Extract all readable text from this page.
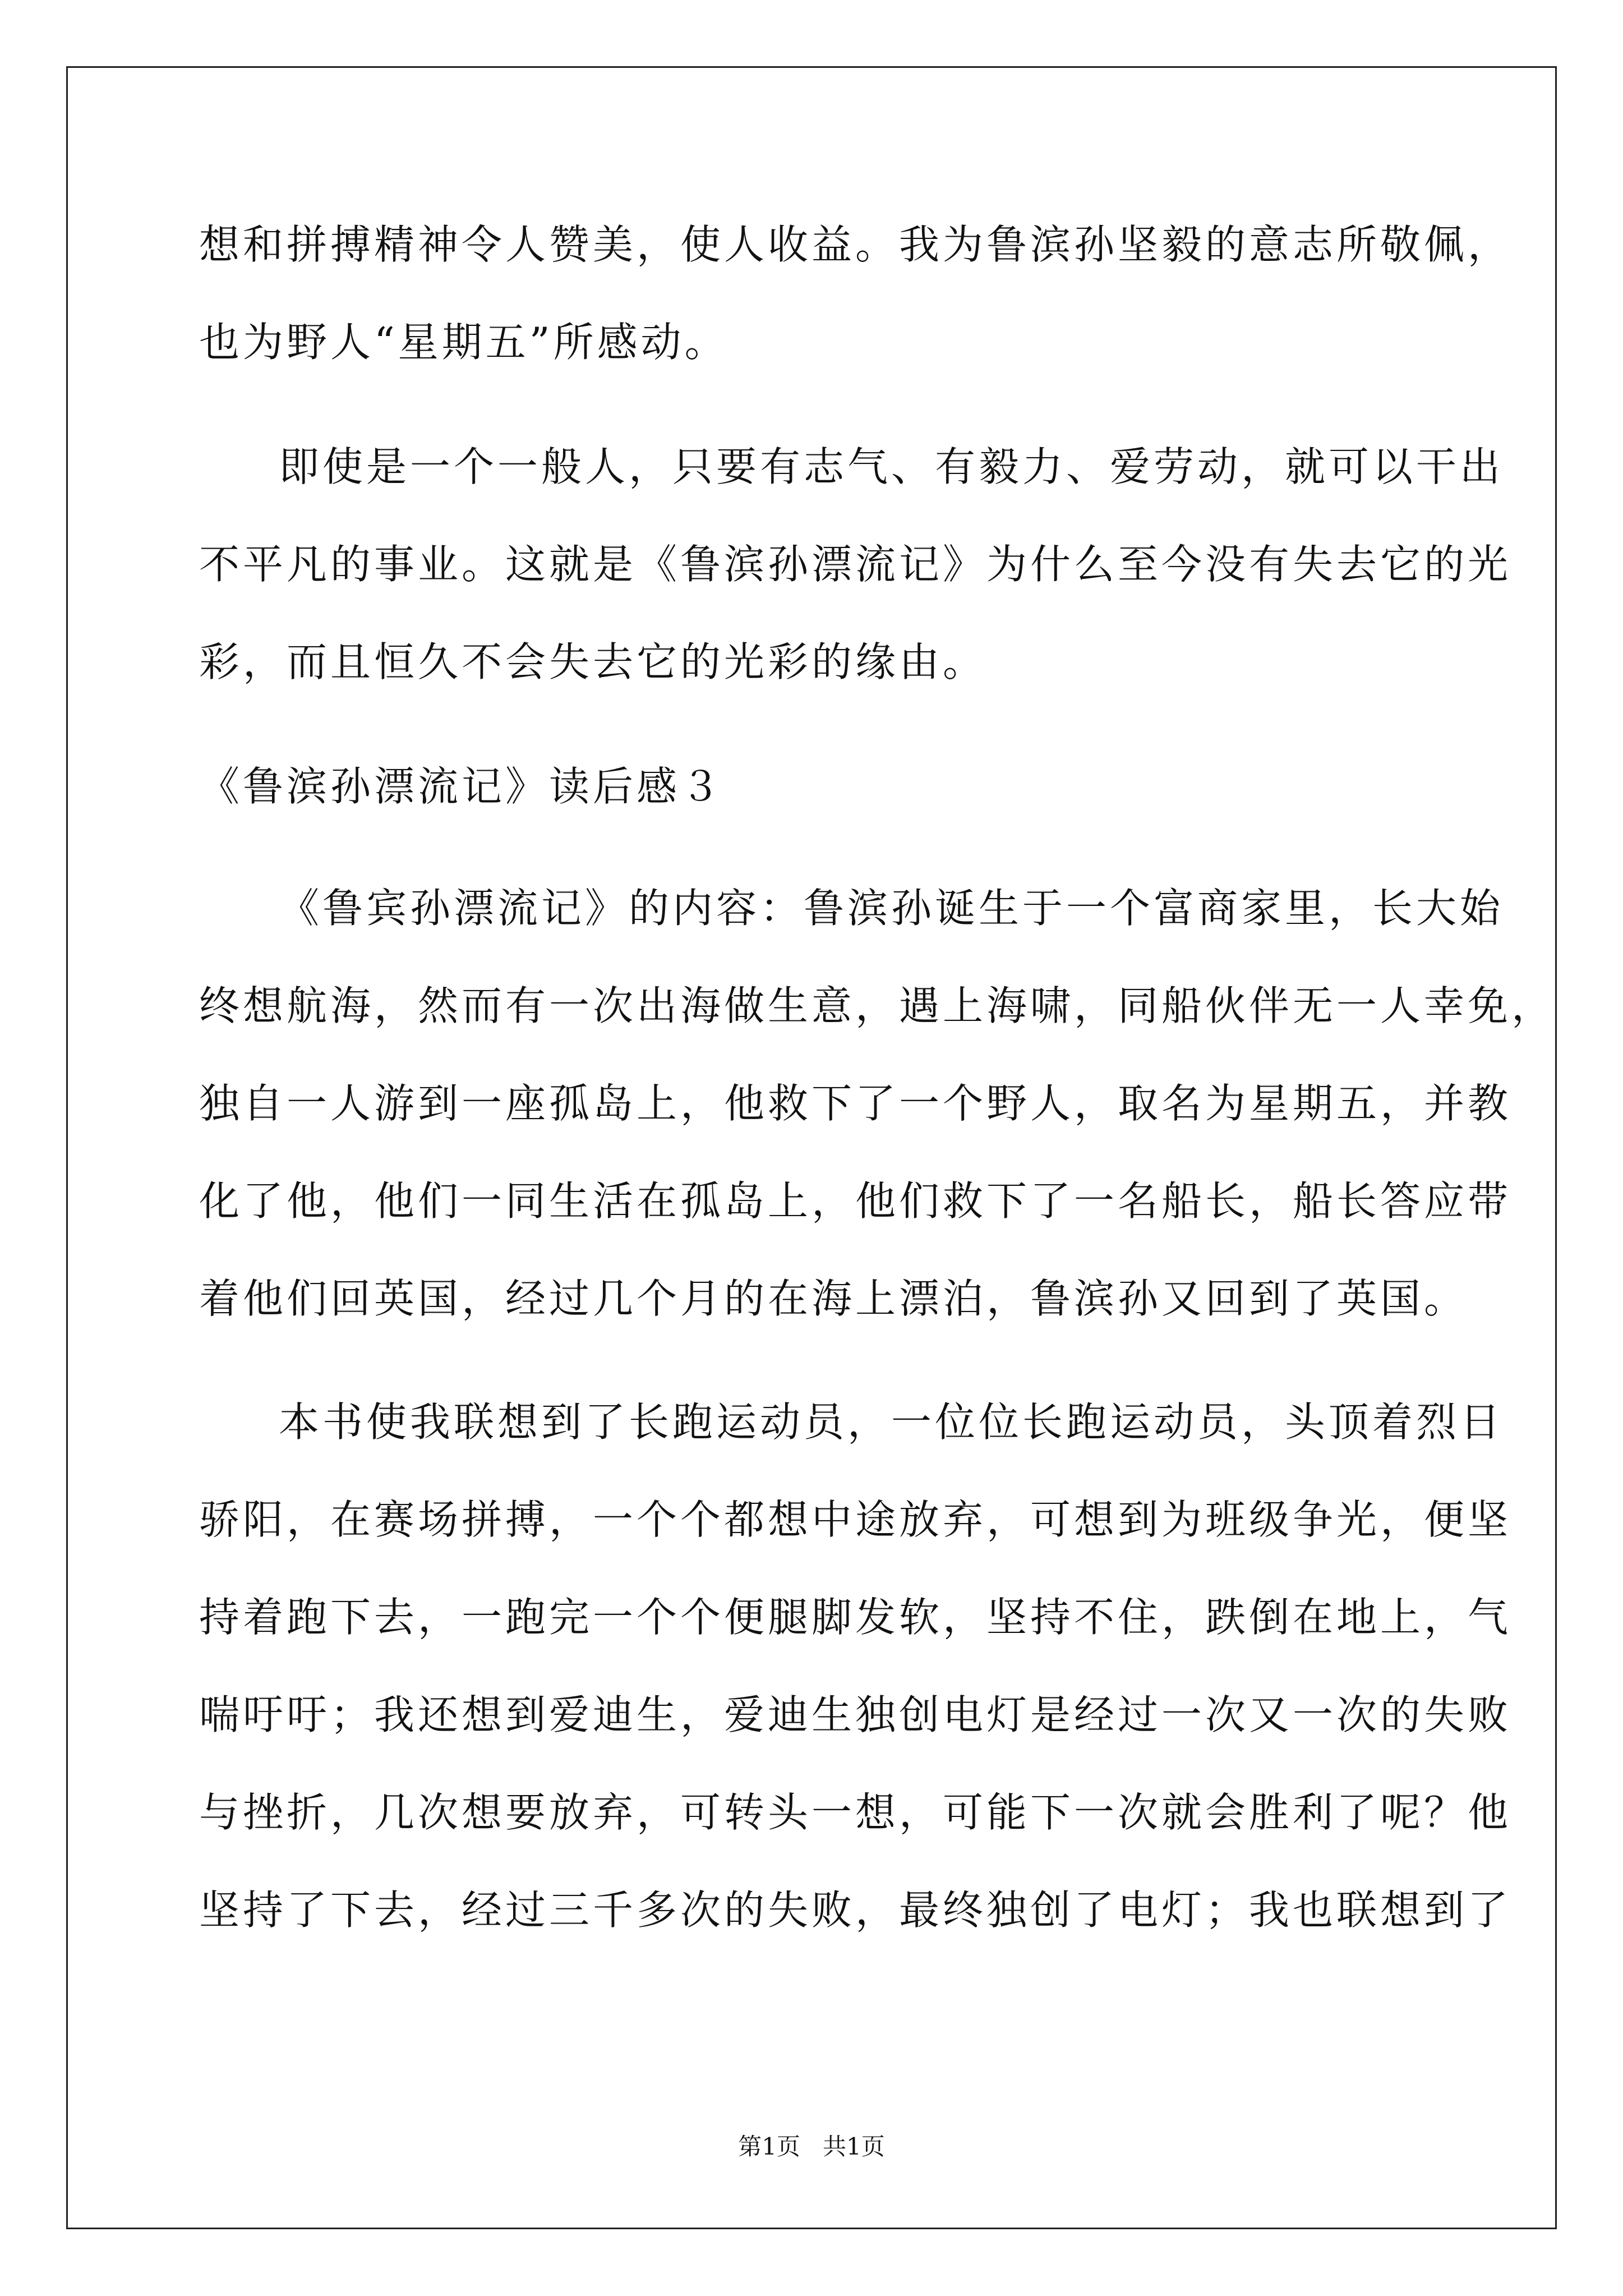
想和拼搏精神令人赞美，使人收益。我为鲁滨孙坚毅的意志所敬佩，
也为野人“星期五”所感动。
即使是一个一般人，只要有志气、有毅力、爱劳动，就可以干出
不平凡的事业。这就是《鲁滨孙漂流记》为什么至今没有失去它的光
彩，而且恒久不会失去它的光彩的缘由。
《鲁滨孙漂流记》读后感３
《鲁宾孙漂流记》的内容：鲁滨孙诞生于一个富商家里，长大始
终想航海，然而有一次出海做生意，遇上海啸，同船伙伴无一人幸免，
独自一人游到一座孤岛上，他救下了一个野人，取名为星期五，并教
化了他，他们一同生活在孤岛上，他们救下了一名船长，船长答应带
着他们回英国，经过几个月的在海上漂泊，鲁滨孙又回到了英国。
本书使我联想到了长跑运动员，一位位长跑运动员，头顶着烈日
骄阳，在赛场拼搏，一个个都想中途放弃，可想到为班级争光，便坚
持着跑下去，一跑完一个个便腿脚发软，坚持不住，跌倒在地上，气
喘吁吁；我还想到爱迪生，爱迪生独创电灯是经过一次又一次的失败
与挫折，几次想要放弃，可转头一想，可能下一次就会胜利了呢？他
坚持了下去，经过三千多次的失败，最终独创了电灯；我也联想到了
第1页 共1页
